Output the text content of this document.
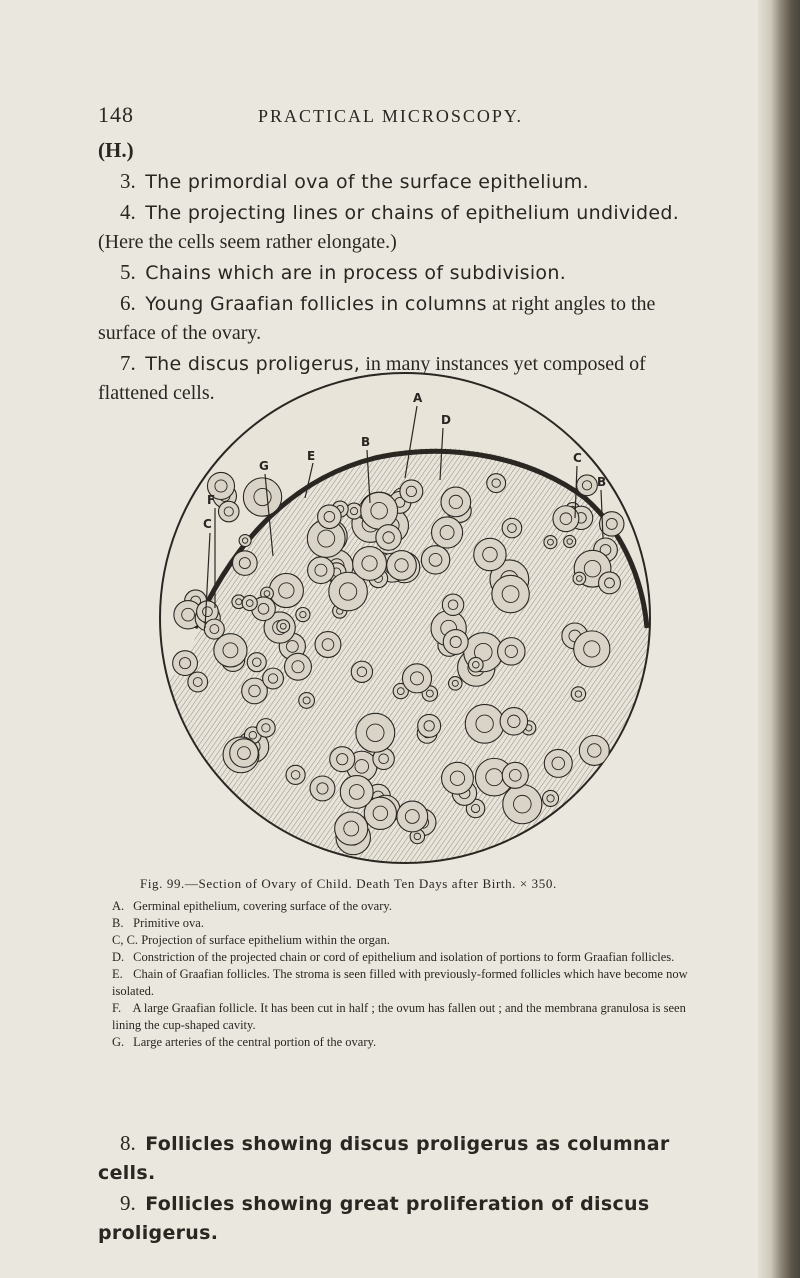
148	PRACTICAL MICROSCOPY.
(H.)
3. The primordial ova of the surface epithelium.
4. The projecting lines or chains of epithelium undivided. (Here the cells seem rather elongate.)
5. Chains which are in process of subdivision.
6. Young Graafian follicles in columns at right angles to the surface of the ovary.
7. The discus proligerus, in many instances yet composed of flattened cells.	A
B
C
C
D
E
F
G
B
Fig. 99.—Section of Ovary of Child. Death Ten Days after Birth. × 350.
A. Germinal epithelium, covering surface of the ovary.
B. Primitive ova.
C, C. Projection of surface epithelium within the organ.
D. Constriction of the projected chain or cord of epithelium and isolation of portions to form Graafian follicles.
E. Chain of Graafian follicles. The stroma is seen filled with previously-formed follicles which have become now isolated.
F. A large Graafian follicle. It has been cut in half ; the ovum has fallen out ; and the membrana granulosa is seen lining the cup-shaped cavity.
G. Large arteries of the central portion of the ovary.
8. Follicles showing discus proligerus as columnar cells.
9. Follicles showing great proliferation of discus proligerus.
